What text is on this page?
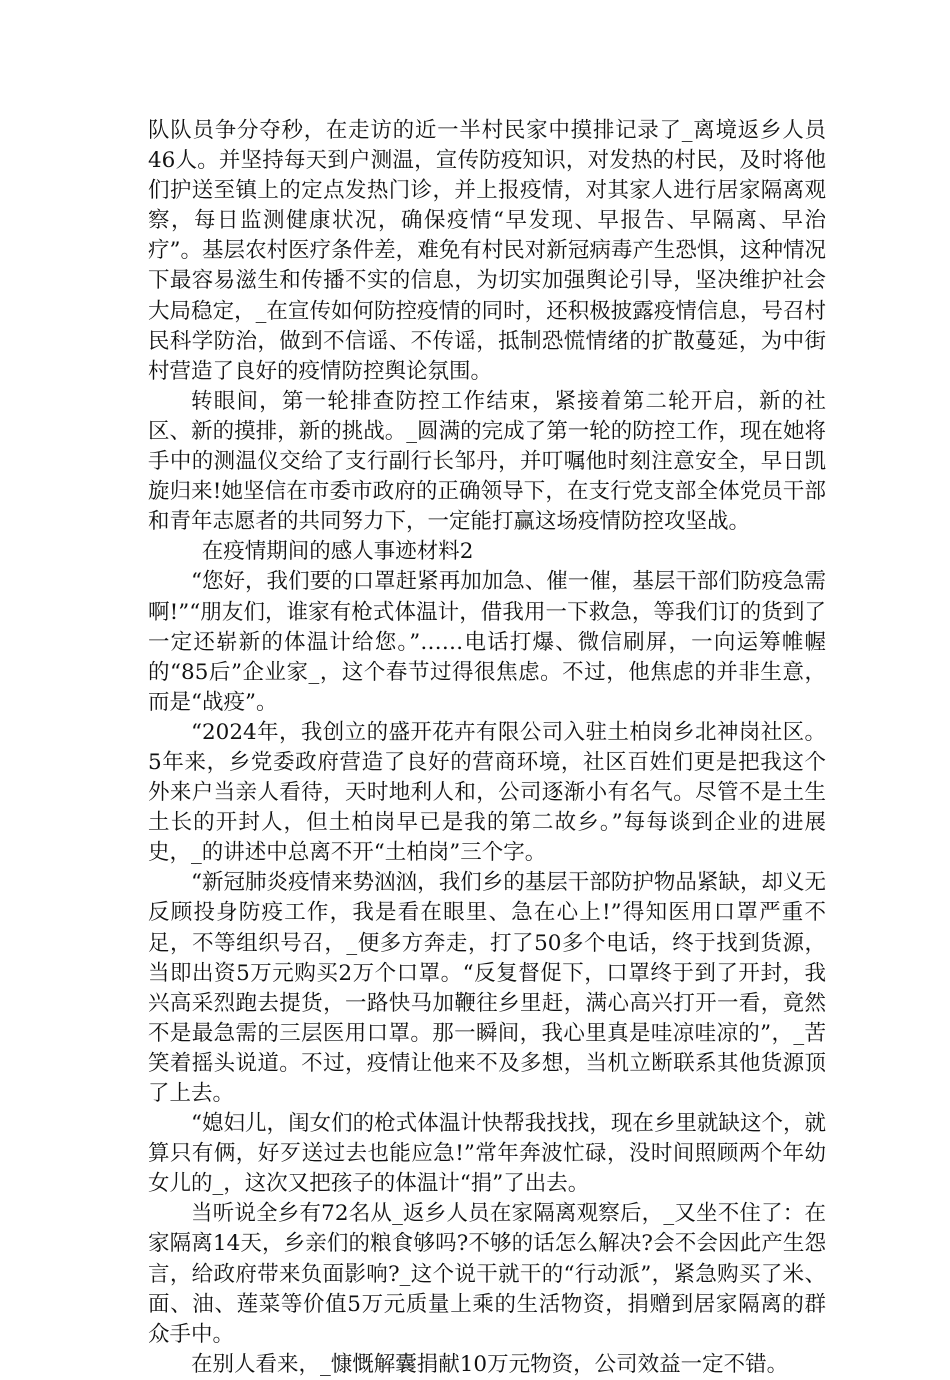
队队员争分夺秒，在走访的近一半村民家中摸排记录了_离境返乡人员46人。并坚持每天到户测温，宣传防疫知识，对发热的村民，及时将他们护送至镇上的定点发热门诊，并上报疫情，对其家人进行居家隔离观察，每日监测健康状况，确保疫情“早发现、早报告、早隔离、早治疗”。基层农村医疗条件差，难免有村民对新冠病毒产生恐惧，这种情况下最容易滋生和传播不实的信息，为切实加强舆论引导，坚决维护社会大局稳定，_在宣传如何防控疫情的同时，还积极披露疫情信息，号召村民科学防治，做到不信谣、不传谣，抵制恐慌情绪的扩散蔓延，为中街村营造了良好的疫情防控舆论氛围。

转眼间，第一轮排查防控工作结束，紧接着第二轮开启，新的社区、新的摸排，新的挑战。_圆满的完成了第一轮的防控工作，现在她将手中的测温仪交给了支行副行长邹丹，并叮嘱他时刻注意安全，早日凯旋归来!她坚信在市委市政府的正确领导下，在支行党支部全体党员干部和青年志愿者的共同努力下，一定能打赢这场疫情防控攻坚战。

在疫情期间的感人事迹材料2

“您好，我们要的口罩赶紧再加加急、催一催，基层干部们防疫急需啊!”“朋友们，谁家有枪式体温计，借我用一下救急，等我们订的货到了一定还崭新的体温计给您。”……电话打爆、微信刷屏，一向运筹帷幄的“85后”企业家_，这个春节过得很焦虑。不过，他焦虑的并非生意，而是“战疫”。

“2024年，我创立的盛开花卉有限公司入驻土柏岗乡北神岗社区。5年来，乡党委政府营造了良好的营商环境，社区百姓们更是把我这个外来户当亲人看待，天时地利人和，公司逐渐小有名气。尽管不是土生土长的开封人，但土柏岗早已是我的第二故乡。”每每谈到企业的进展史，_的讲述中总离不开“土柏岗”三个字。

“新冠肺炎疫情来势汹汹，我们乡的基层干部防护物品紧缺，却义无反顾投身防疫工作，我是看在眼里、急在心上!”得知医用口罩严重不足，不等组织号召，_便多方奔走，打了50多个电话，终于找到货源，当即出资5万元购买2万个口罩。“反复督促下，口罩终于到了开封，我兴高采烈跑去提货，一路快马加鞭往乡里赶，满心高兴打开一看，竟然不是最急需的三层医用口罩。那一瞬间，我心里真是哇凉哇凉的”，_苦笑着摇头说道。不过，疫情让他来不及多想，当机立断联系其他货源顶了上去。

“媳妇儿，闺女们的枪式体温计快帮我找找，现在乡里就缺这个，就算只有俩，好歹送过去也能应急!”常年奔波忙碌，没时间照顾两个年幼女儿的_，这次又把孩子的体温计“捐”了出去。

当听说全乡有72名从_返乡人员在家隔离观察后，_又坐不住了：在家隔离14天，乡亲们的粮食够吗?不够的话怎么解决?会不会因此产生怨言，给政府带来负面影响?_这个说干就干的“行动派”，紧急购买了米、面、油、莲菜等价值5万元质量上乘的生活物资，捐赠到居家隔离的群众手中。

在别人看来，_慷慨解囊捐献10万元物资，公司效益一定不错。
